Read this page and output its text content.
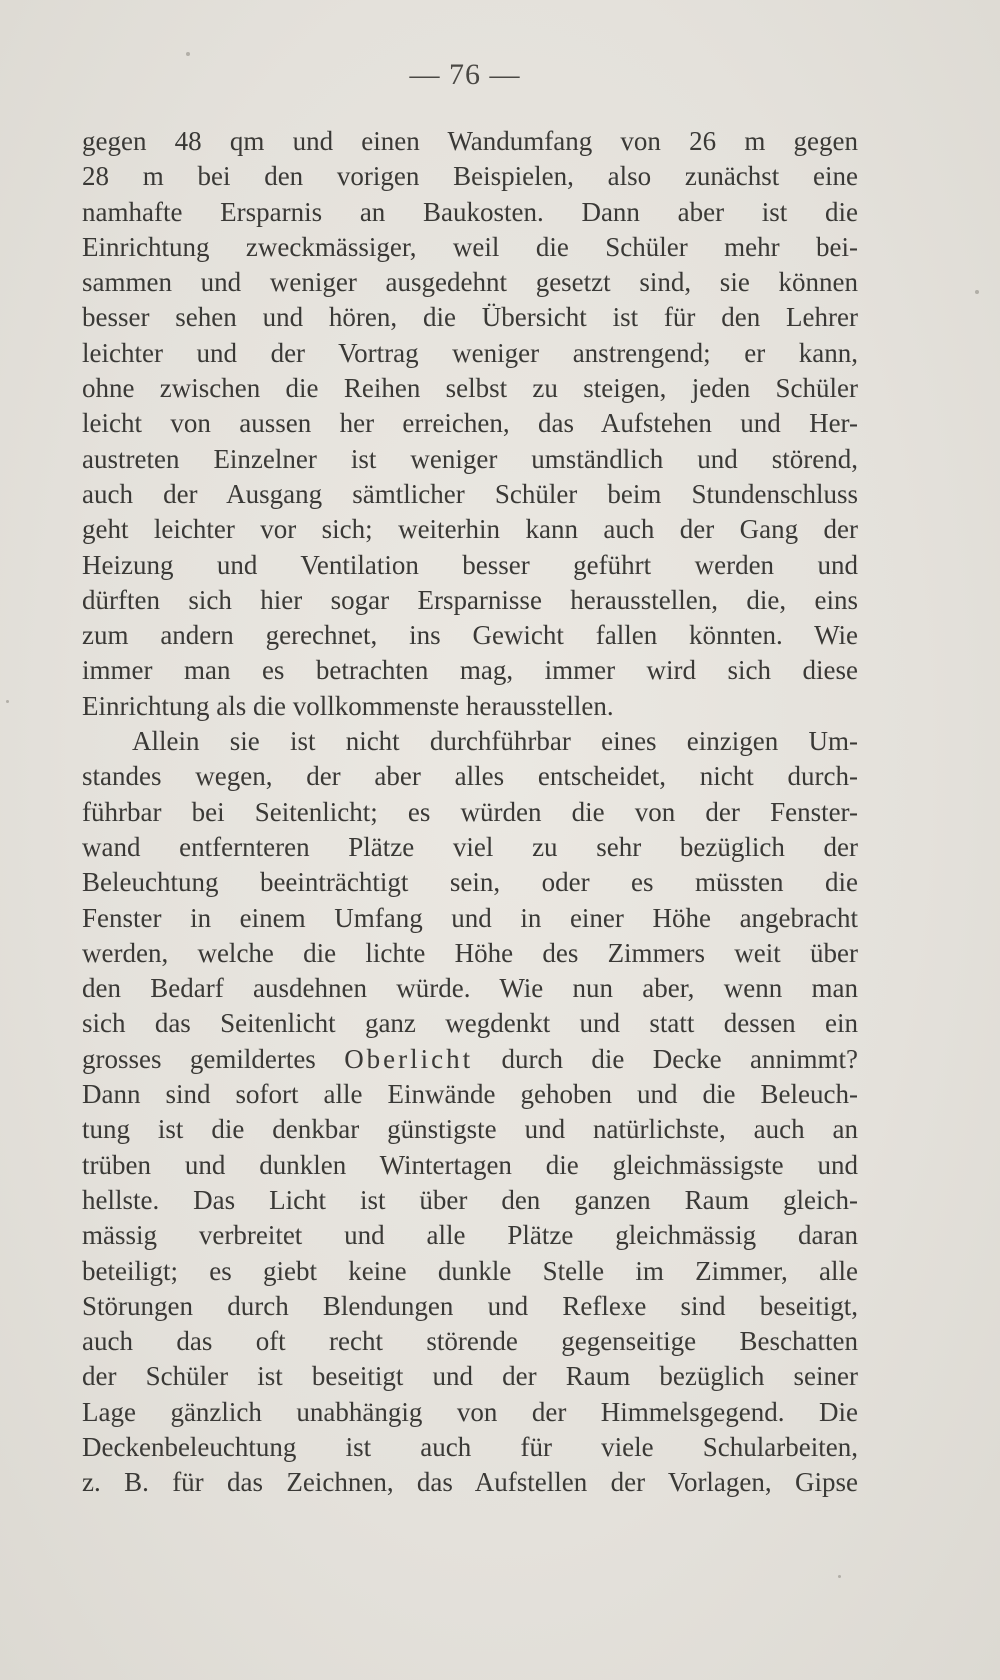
— 76 —
gegen 48 qm und einen Wandumfang von 26 m gegen
28 m bei den vorigen Beispielen, also zunächst eine
namhafte Ersparnis an Baukosten. Dann aber ist die
Einrichtung zweckmässiger, weil die Schüler mehr bei-
sammen und weniger ausgedehnt gesetzt sind, sie können
besser sehen und hören, die Übersicht ist für den Lehrer
leichter und der Vortrag weniger anstrengend; er kann,
ohne zwischen die Reihen selbst zu steigen, jeden Schüler
leicht von aussen her erreichen, das Aufstehen und Her-
austreten Einzelner ist weniger umständlich und störend,
auch der Ausgang sämtlicher Schüler beim Stundenschluss
geht leichter vor sich; weiterhin kann auch der Gang der
Heizung und Ventilation besser geführt werden und
dürften sich hier sogar Ersparnisse herausstellen, die, eins
zum andern gerechnet, ins Gewicht fallen könnten. Wie
immer man es betrachten mag, immer wird sich diese
Einrichtung als die vollkommenste herausstellen.
Allein sie ist nicht durchführbar eines einzigen Um-
standes wegen, der aber alles entscheidet, nicht durch-
führbar bei Seitenlicht; es würden die von der Fenster-
wand entfernteren Plätze viel zu sehr bezüglich der
Beleuchtung beeinträchtigt sein, oder es müssten die
Fenster in einem Umfang und in einer Höhe angebracht
werden, welche die lichte Höhe des Zimmers weit über
den Bedarf ausdehnen würde. Wie nun aber, wenn man
sich das Seitenlicht ganz wegdenkt und statt dessen ein
grosses gemildertes Oberlicht durch die Decke annimmt?
Dann sind sofort alle Einwände gehoben und die Beleuch-
tung ist die denkbar günstigste und natürlichste, auch an
trüben und dunklen Wintertagen die gleichmässigste und
hellste. Das Licht ist über den ganzen Raum gleich-
mässig verbreitet und alle Plätze gleichmässig daran
beteiligt; es giebt keine dunkle Stelle im Zimmer, alle
Störungen durch Blendungen und Reflexe sind beseitigt,
auch das oft recht störende gegenseitige Beschatten
der Schüler ist beseitigt und der Raum bezüglich seiner
Lage gänzlich unabhängig von der Himmelsgegend. Die
Deckenbeleuchtung ist auch für viele Schularbeiten,
z. B. für das Zeichnen, das Aufstellen der Vorlagen, Gipse
